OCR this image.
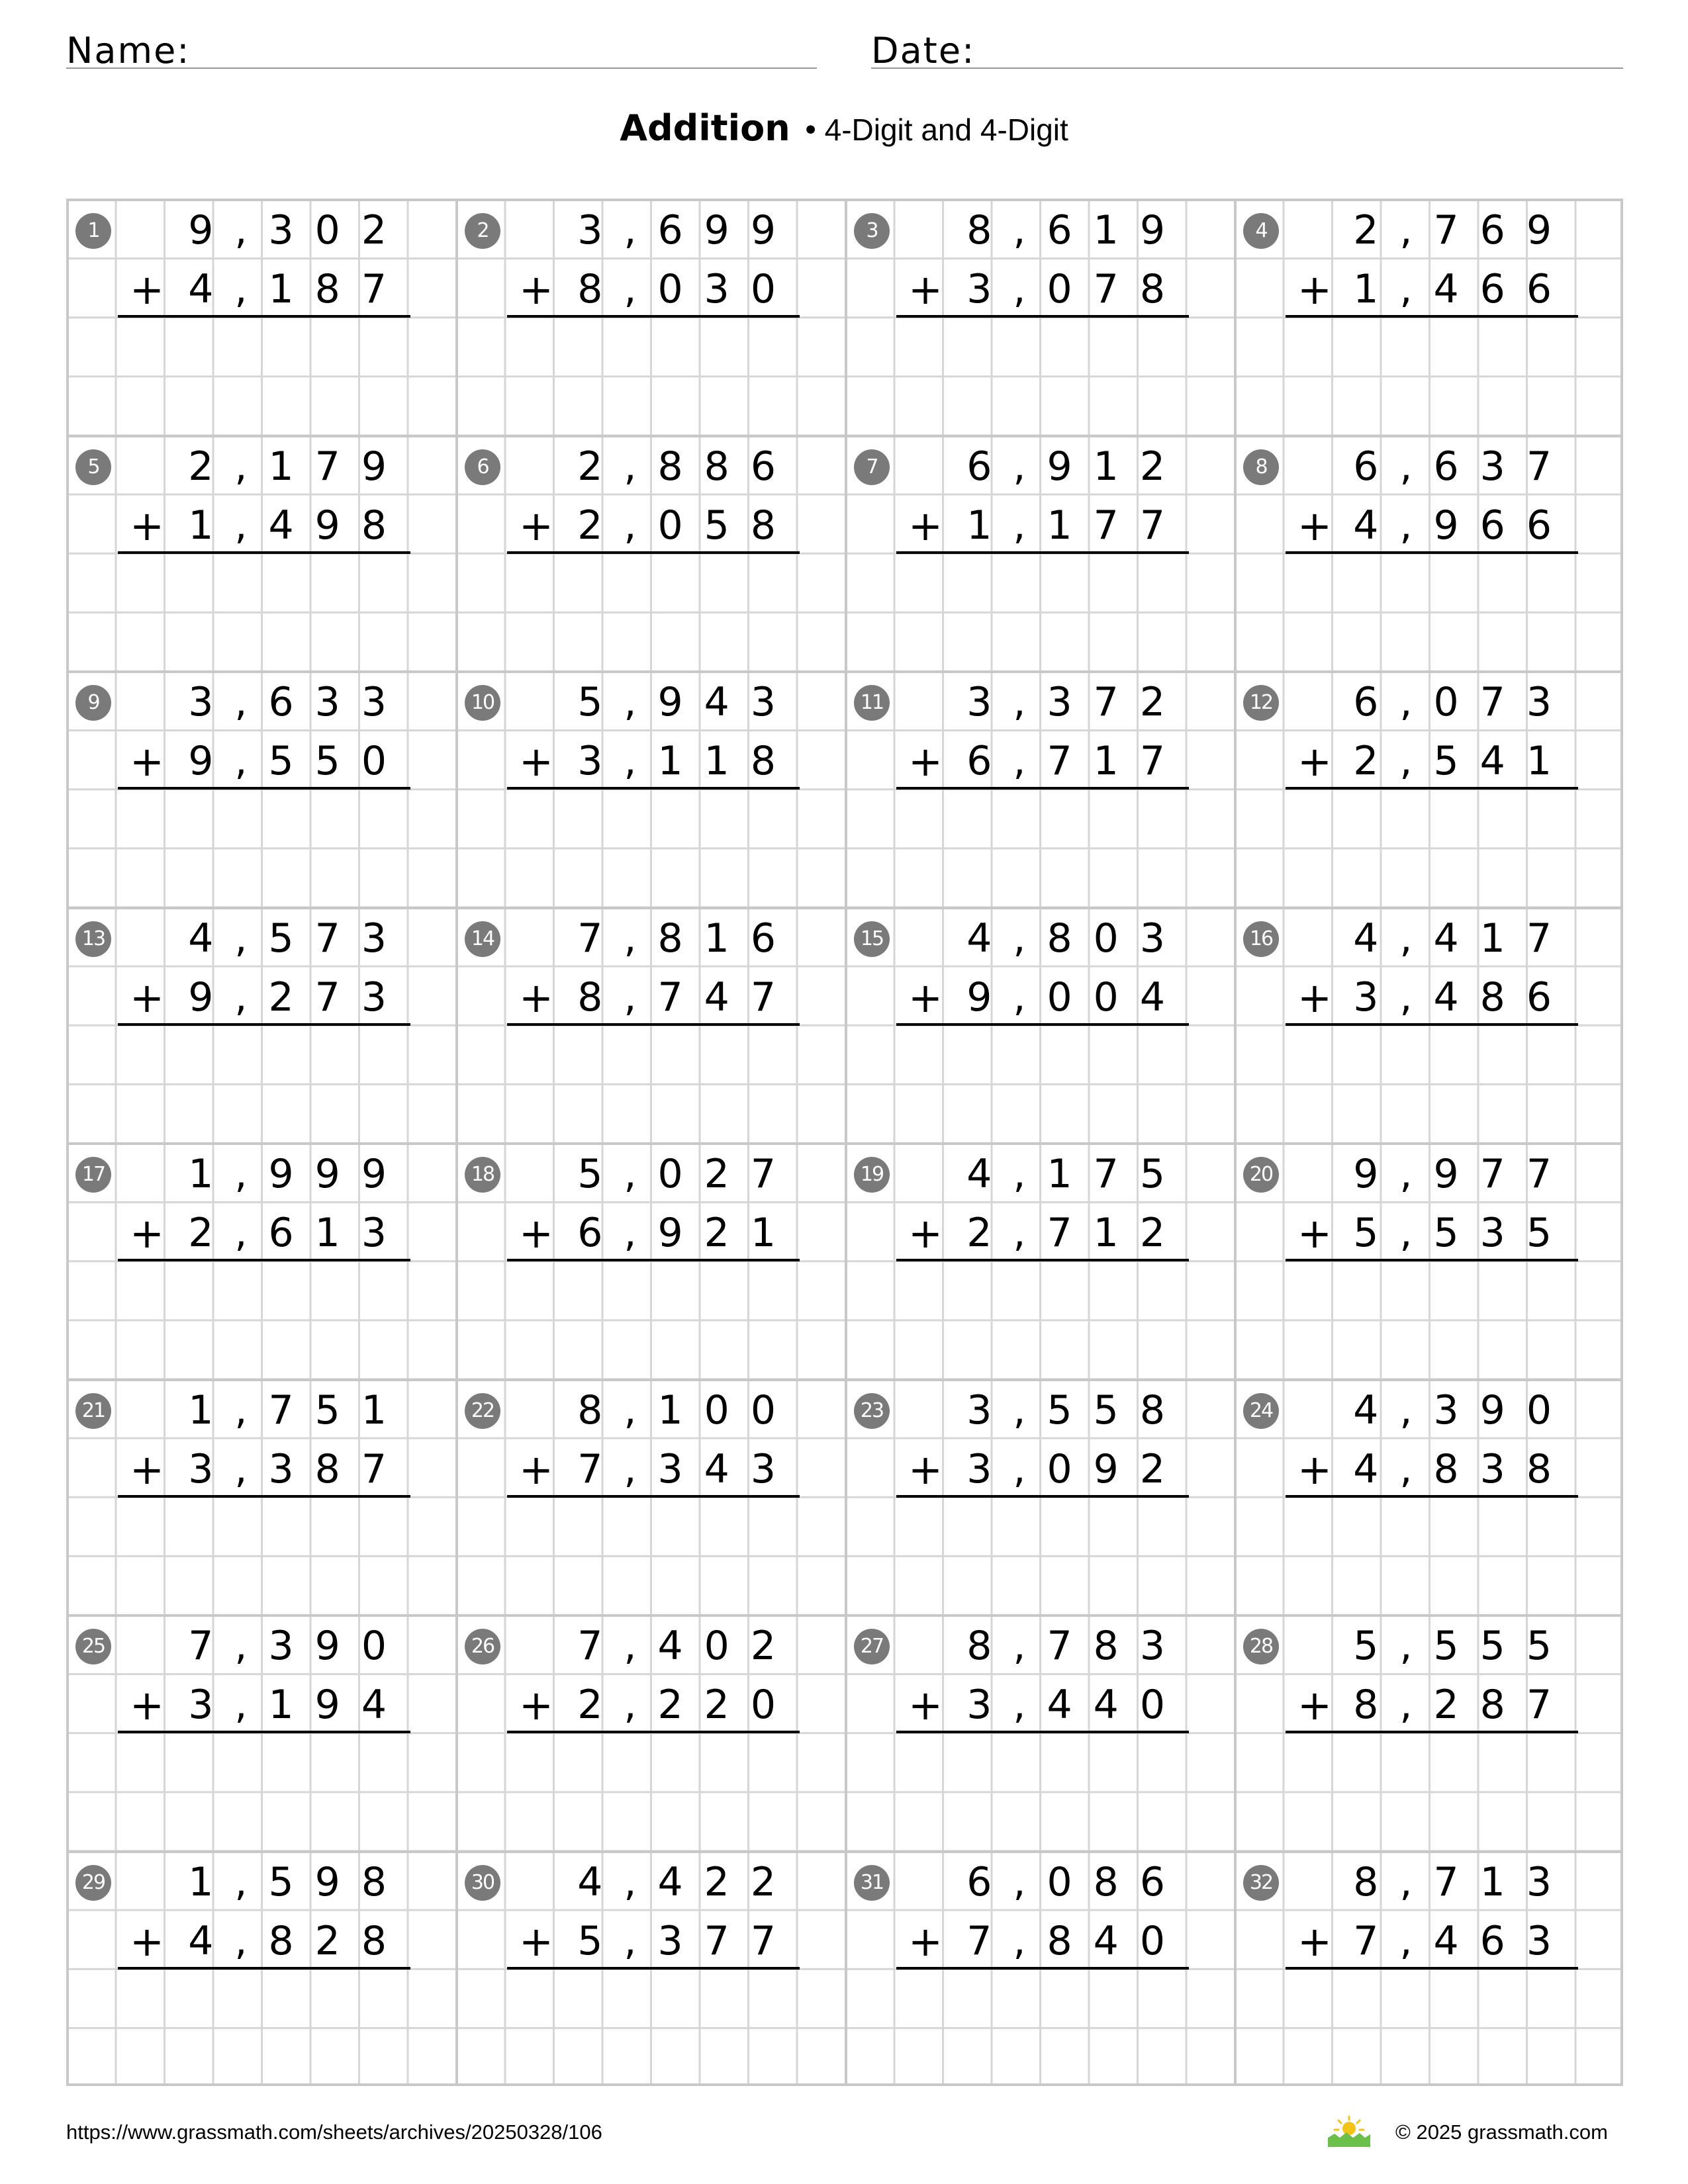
Name:	Date:
Addition • 4-Digit and 4-Digit
1	9,302
+ 4,187
2	3,699
+ 8,030
3	8,619
+ 3,078
4	2,769
+ 1,466
5	2,179
+ 1,498
6	2,886
+ 2,058
7	6,912
+ 1,177
8	6,637
+ 4,966
9	3,633
+ 9,550
10 5,943
+ 3,118
11 3,372
+ 6,717
12 6,073
+ 2,541
13 4,573
+ 9,273
14 7,816
+ 8,747
15 4,803
+ 9,004
16 4,417
+ 3,486
17 1,999
+ 2,613
18 5,027
+ 6,921
19 4,175
+ 2,712
20 9,977
+ 5,535
21 1,751
+ 3,387
22 8,100
+ 7,343
23 3,558
+ 3,092
24 4,390
+ 4,838
25 7,390
+ 3,194
26 7,402
+ 2,220
27 8,783
+ 3,440
28 5,555
+ 8,287
29 1,598
+ 4,828
30 4,422
+ 5,377
31 6,086
+ 7,840
32 8,713
+ 7,463
https://www.grassmath.com/sheets/archives/20250328/106	© 2025 grassmath.com
